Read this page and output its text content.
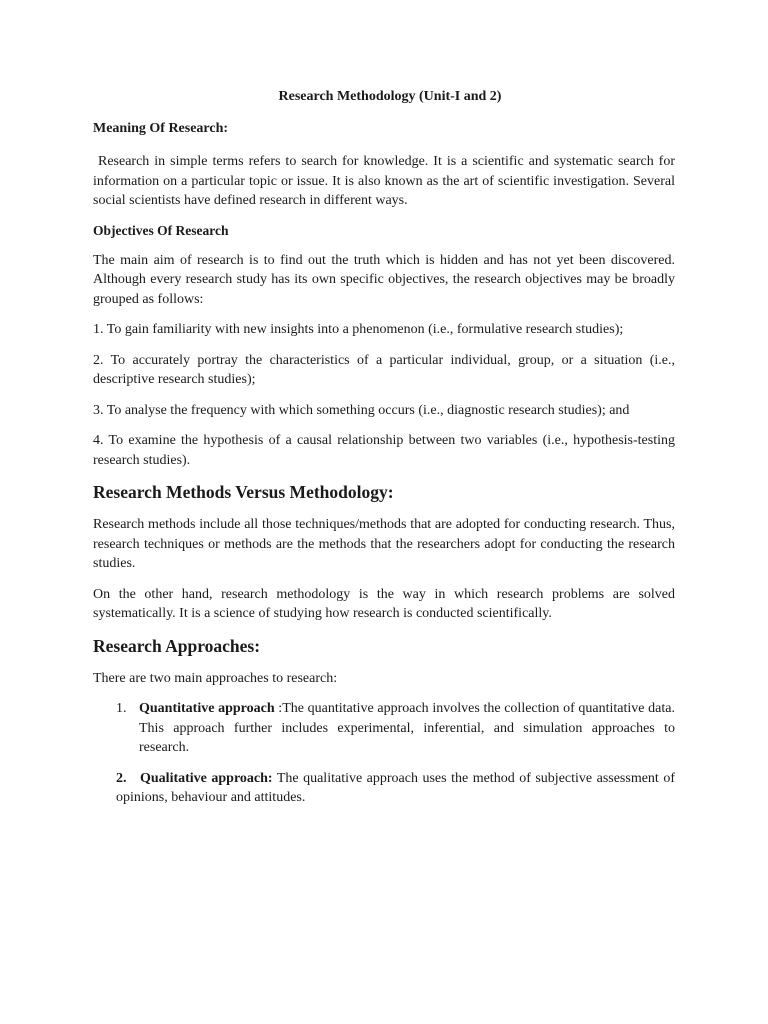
Research Methodology (Unit-I and 2)
Meaning Of Research:

Research in simple terms refers to search for knowledge. It is a scientific and systematic search for information on a particular topic or issue. It is also known as the art of scientific investigation. Several social scientists have defined research in different ways.

Objectives Of Research

The main aim of research is to find out the truth which is hidden and has not yet been discovered. Although every research study has its own specific objectives, the research objectives may be broadly grouped as follows:

1. To gain familiarity with new insights into a phenomenon (i.e., formulative research studies);

2. To accurately portray the characteristics of a particular individual, group, or a situation (i.e., descriptive research studies);

3. To analyse the frequency with which something occurs (i.e., diagnostic research studies); and

4. To examine the hypothesis of a causal relationship between two variables (i.e., hypothesis-testing research studies).

Research Methods Versus Methodology:

Research methods include all those techniques/methods that are adopted for conducting research. Thus, research techniques or methods are the methods that the researchers adopt for conducting the research studies.

On the other hand, research methodology is the way in which research problems are solved systematically. It is a science of studying how research is conducted scientifically.

Research Approaches:

There are two main approaches to research:

1. Quantitative approach :The quantitative approach involves the collection of quantitative data. This approach further includes experimental, inferential, and simulation approaches to research.
2. Qualitative approach: The qualitative approach uses the method of subjective assessment of opinions, behaviour and attitudes.
